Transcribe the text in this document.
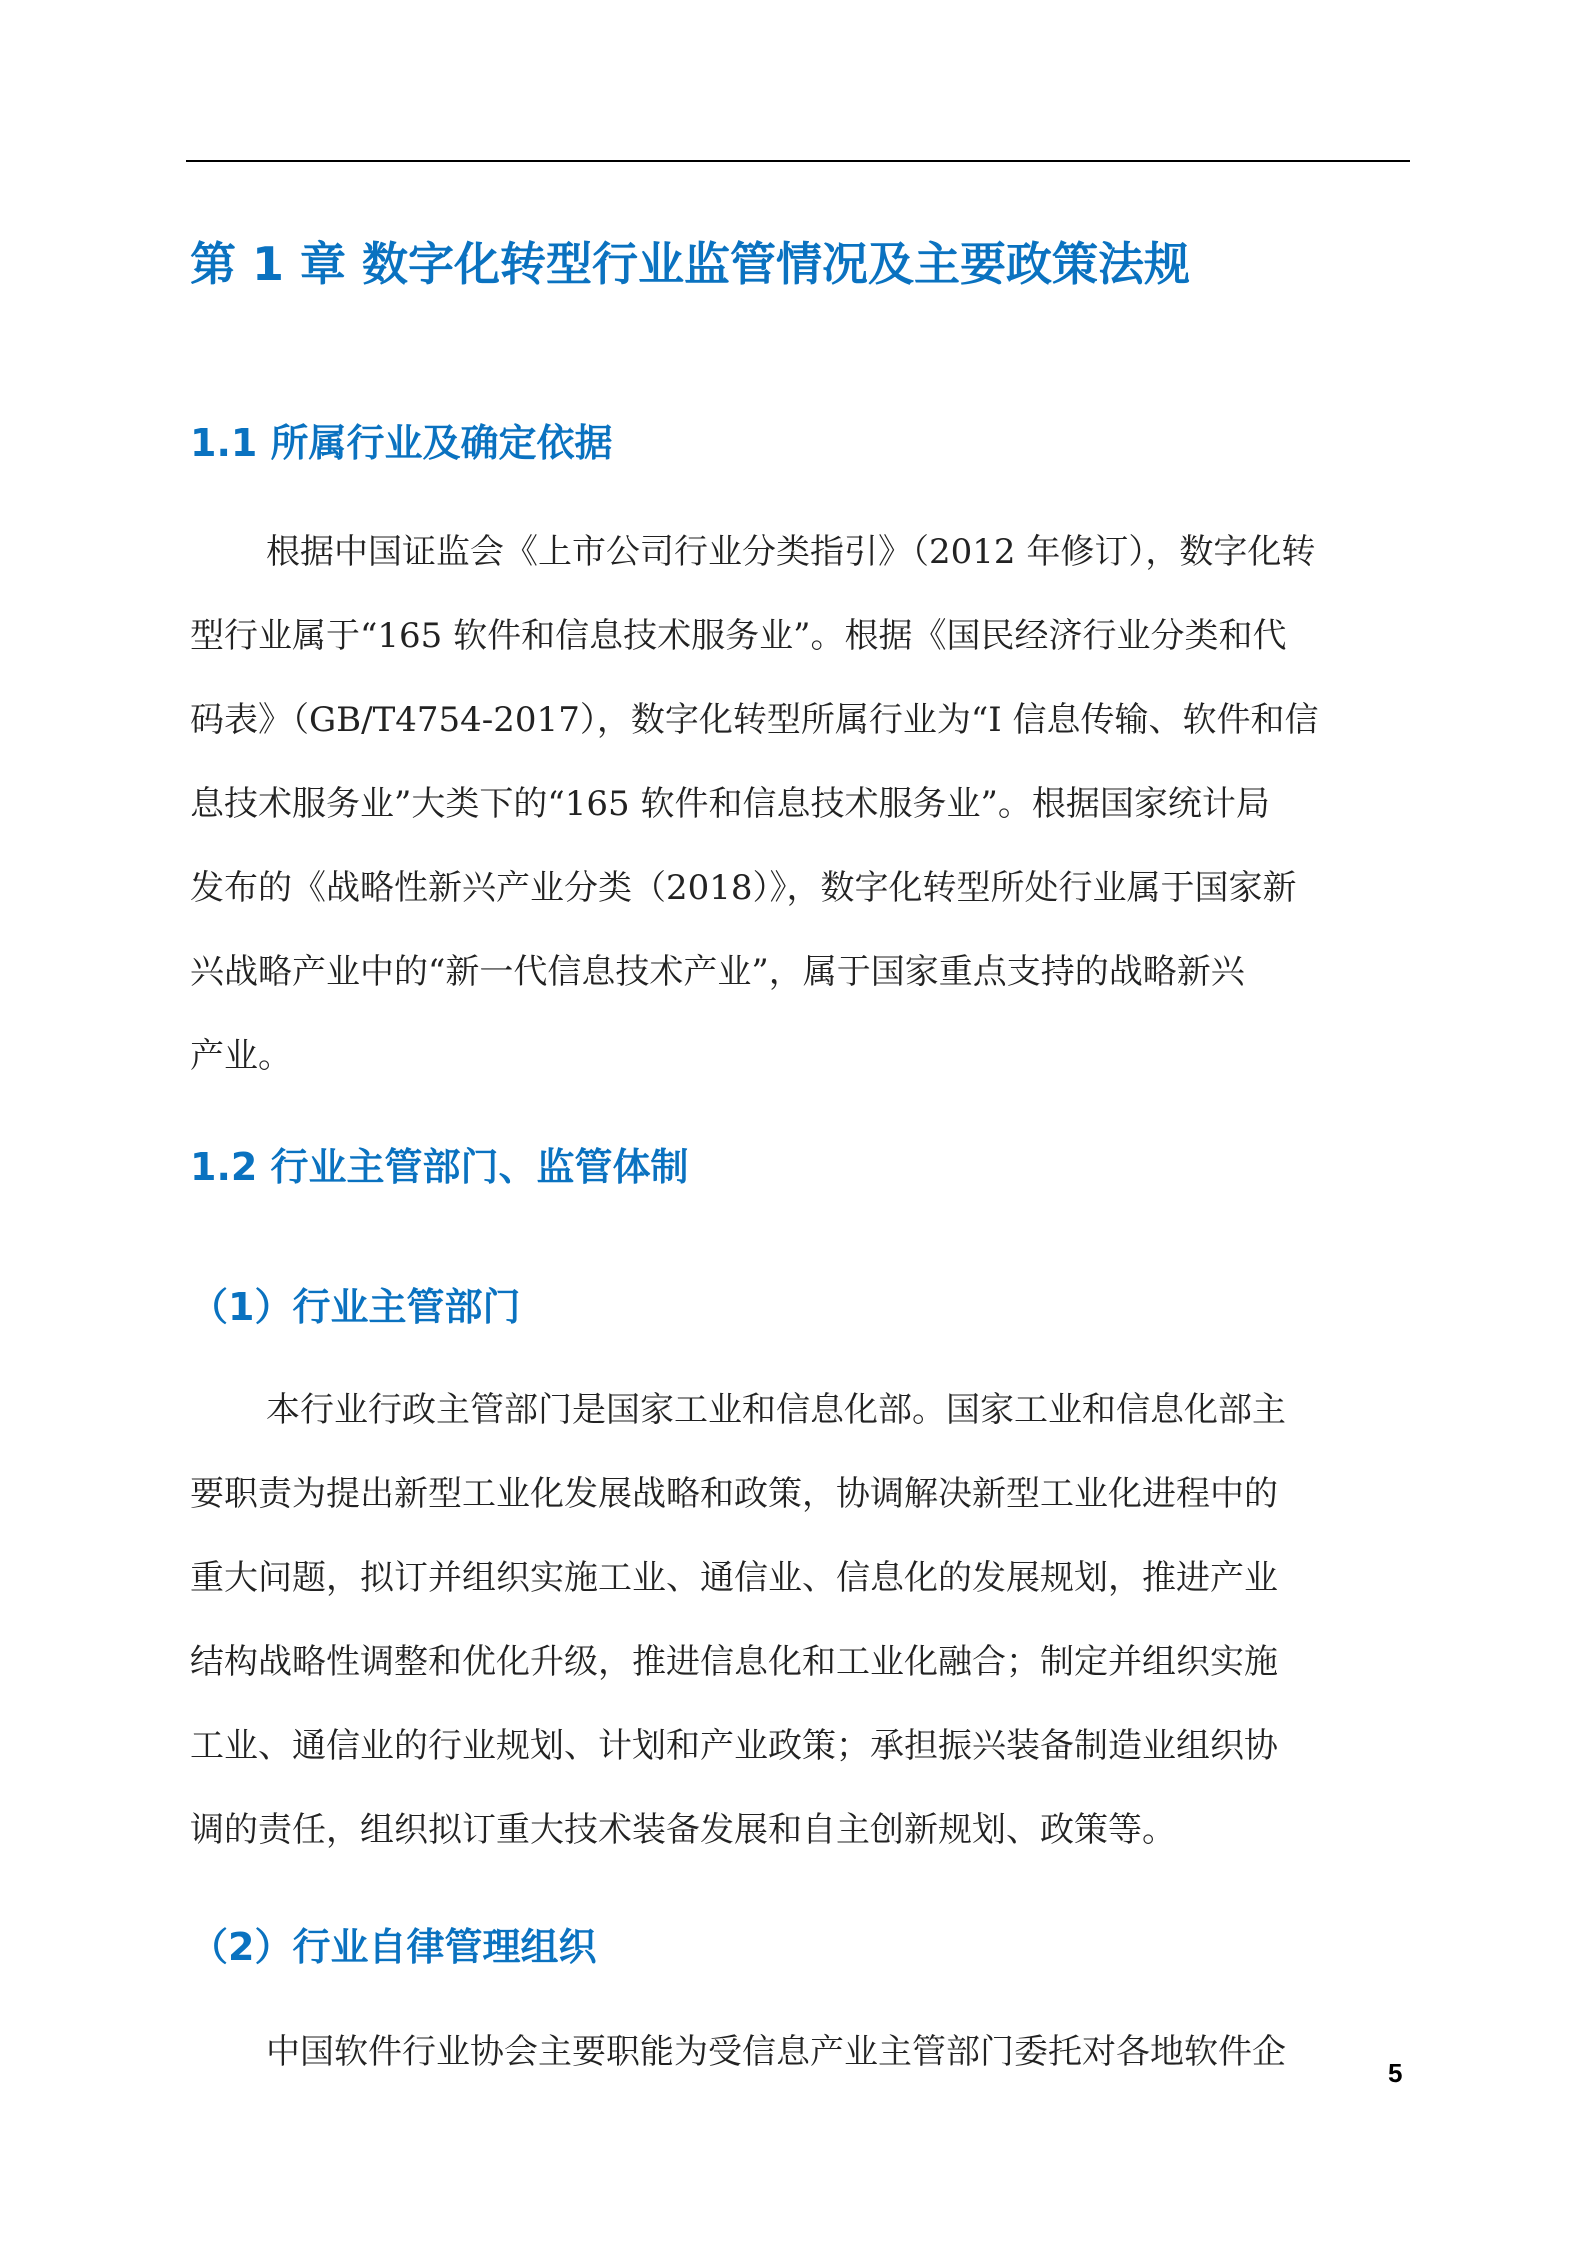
第 1 章 数字化转型行业监管情况及主要政策法规
1.1 所属行业及确定依据
根据中国证监会《上市公司行业分类指引》（2012 年修订），数字化转
型行业属于“165 软件和信息技术服务业”。根据《国民经济行业分类和代
码表》（GB/T4754-2017），数字化转型所属行业为“I 信息传输、软件和信
息技术服务业”大类下的“165 软件和信息技术服务业”。根据国家统计局
发布的《战略性新兴产业分类（2018）》，数字化转型所处行业属于国家新
兴战略产业中的“新一代信息技术产业”，属于国家重点支持的战略新兴
产业。
1.2 行业主管部门、监管体制
（1）行业主管部门
本行业行政主管部门是国家工业和信息化部。国家工业和信息化部主
要职责为提出新型工业化发展战略和政策，协调解决新型工业化进程中的
重大问题，拟订并组织实施工业、通信业、信息化的发展规划，推进产业
结构战略性调整和优化升级，推进信息化和工业化融合；制定并组织实施
工业、通信业的行业规划、计划和产业政策；承担振兴装备制造业组织协
调的责任，组织拟订重大技术装备发展和自主创新规划、政策等。
（2）行业自律管理组织
中国软件行业协会主要职能为受信息产业主管部门委托对各地软件企
5
